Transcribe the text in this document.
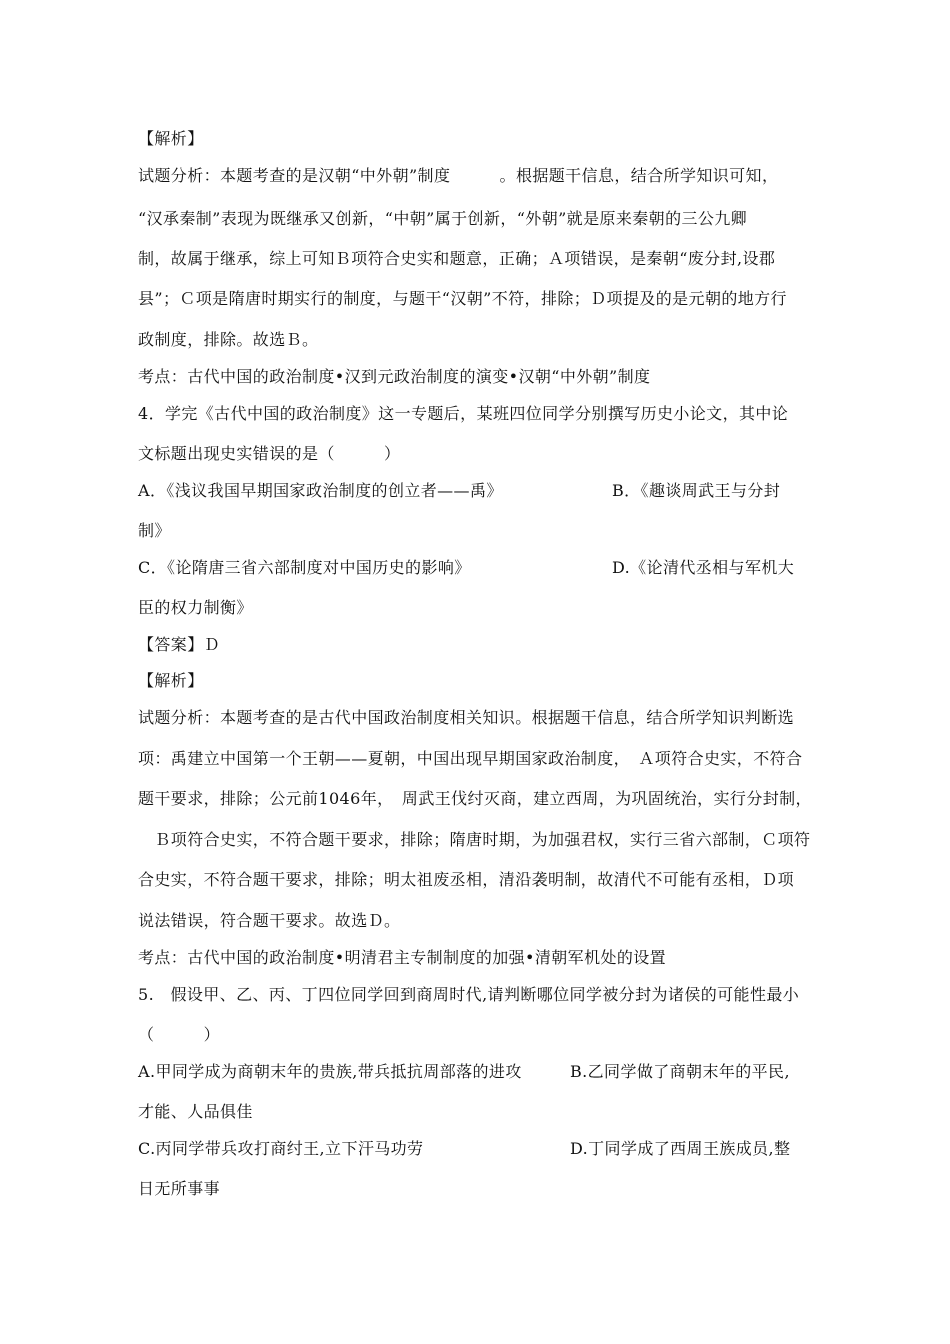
【解析】
试题分析：本题考查的是汉朝“中外朝”制度　　　。根据题干信息，结合所学知识可知，
“汉承秦制”表现为既继承又创新，“中朝”属于创新，“外朝”就是原来秦朝的三公九卿
制，故属于继承，综上可知Ｂ项符合史实和题意，正确；Ａ项错误，是秦朝“废分封,设郡
县”；Ｃ项是隋唐时期实行的制度，与题干“汉朝”不符，排除；Ｄ项提及的是元朝的地方行
政制度，排除。故选Ｂ。
考点：古代中国的政治制度•汉到元政治制度的演变•汉朝“中外朝”制度
4．学完《古代中国的政治制度》这一专题后，某班四位同学分别撰写历史小论文，其中论
文标题出现史实错误的是（　　　）
A．《浅议我国早期国家政治制度的创立者——禹》	B．《趣谈周武王与分封
制》
C．《论隋唐三省六部制度对中国历史的影响》	D.《论清代丞相与军机大
臣的权力制衡》
【答案】Ｄ
【解析】
试题分析：本题考查的是古代中国政治制度相关知识。根据题干信息，结合所学知识判断选
项：禹建立中国第一个王朝——夏朝，中国出现早期国家政治制度，　Ａ项符合史实，不符合
题干要求，排除；公元前1046年，　周武王伐纣灭商，建立西周，为巩固统治，实行分封制，
　Ｂ项符合史实，不符合题干要求，排除；隋唐时期，为加强君权，实行三省六部制，Ｃ项符
合史实，不符合题干要求，排除；明太祖废丞相，清沿袭明制，故清代不可能有丞相，Ｄ项
说法错误，符合题干要求。故选Ｄ。
考点：古代中国的政治制度•明清君主专制制度的加强•清朝军机处的设置
5.　假设甲、乙、丙、丁四位同学回到商周时代,请判断哪位同学被分封为诸侯的可能性最小
（　　　）
A.甲同学成为商朝末年的贵族,带兵抵抗周部落的进攻	B.乙同学做了商朝末年的平民,
才能、人品俱佳
C.丙同学带兵攻打商纣王,立下汗马功劳	D.丁同学成了西周王族成员,整
日无所事事
